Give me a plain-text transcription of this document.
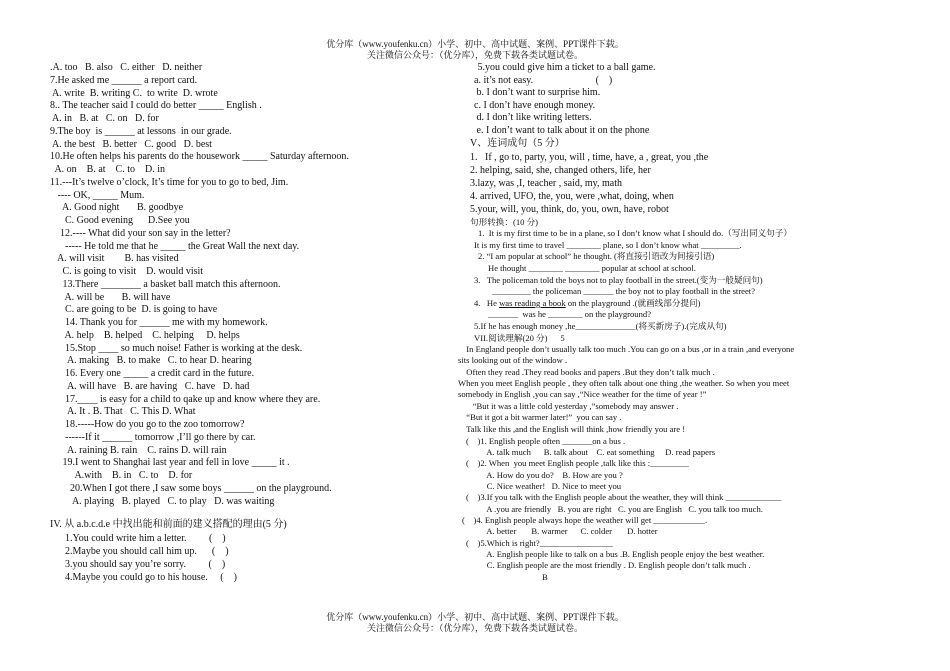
优分库（www.youfenku.cn）小学、初中、高中试题、案例、PPT课件下载。
关注微信公众号：（优分库），免费下载各类试题试卷。
.A. too   B. also   C. either   D. neither
7.He asked me ______ a report card.
A. write  B. writing C.  to write  D. wrote
8.. The teacher said I could do better _____ English .
A. in   B. at   C. on   D. for
9.The boy  is ______ at lessons  in our grade.
A. the best   B. better   C. good   D. best
10.He often helps his parents do the housework _____ Saturday afternoon.
A. on    B. at    C. to    D. in
11.---It’s twelve o’clock, It’s time for you to go to bed, Jim.
---- OK, _____ Mum.
A. Good night       B. goodbye
C. Good evening      D.See you
12.---- What did your son say in the letter?
----- He told me that he _____ the Great Wall the next day.
A. will visit        B. has visited
C. is going to visit    D. would visit
13.There ________ a basket ball match this afternoon.
A. will be       B. will have
C. are going to be  D. is going to have
14. Thank you for ______ me with my homework.
A. help    B. helped    C. helping     D. helps
15.Stop ____ so much noise! Father is working at the desk.
A. making   B. to make   C. to hear D. hearing
16. Every one _____ a credit card in the future.
A. will have   B. are having   C. have   D. had
17.____ is easy for a child to qake up and know where they are.
A. It . B. That   C. This D. What
18.-----How do you go to the zoo tomorrow?
------If it ______ tomorrow ,I’ll go there by car.
A. raining B. rain    C. rains D. will rain
19.I went to Shanghai last year and fell in love _____ it .
A.with    B. in   C. to    D. for
20.When I got there ,I saw some boys ______ on the playground.
A. playing   B. played   C. to play   D. was waiting
IV. 从 a.b.c.d.e 中找出能和前面的建义搭配的理由(5 分)
1.You could write him a letter.         (    )
2.Maybe you should call him up.      (    )
3.you should say you’re sorry.         (    )
4.Maybe you could go to his house.     (    )
5.you could give him a ticket to a ball game.
a. it’s not easy.                         (    )
b. I don’t want to surprise him.
c. I don’t have enough money.
d. I don’t like writing letters.
e. I don’t want to talk about it on the phone
V、连词成句（5 分）
1.   If , go to, party, you, will , time, have, a , great, you ,the
2. helping, said, she, changed others, life, her
3.lazy, was ,I, teacher , said, my, math
4. arrived, UFO, the, you, were ,what, doing, when
5.your, will, you, think, do, you, own, have, robot
句形转换：(10 分)
1.  It is my first time to be in a plane, so I don’t know what I should do.（写出同义句子）
It is my first time to travel ________ plane, so I don’t know what _________.
2. “I am popular at school” he thought. (将直接引语改为间接引语)
He thought ________ ________ popular at school at school.
3.   The policeman told the boys not to play football in the street.(变为一般疑问句)
_________ the policeman _______ the boy not to play football in the street?
4.   He was reading a book on the playground .(就画线部分提问)
_______  was he ________ on the playground?
5.If he has enough money ,he______________(将买新房子).(完成从句)
VII.阅读理解(20 分)      5
In England people don’t usually talk too much .You can go on a bus ,or in a train ,and everyone
sits looking out of the window .
Often they read .They read books and papers .But they don’t talk much .
When you meet English people , they often talk about one thing ,the weather. So when you meet
somebody in English ,you can say ,“Nice weather for the time of year !”
“But it was a little cold yesterday ,”somebody may answer .
“But it got a bit warmer later!”  you can say .
Talk like this ,and the English will think ,how friendly you are !
(    )1. English people often _______on a bus .
A. talk much      B. talk about    C. eat something     D. read papers
(    )2. When  you meet English people ,talk like this :_________
A. How do you do?    B. How are you ?
C. Nice weather!   D. Nice to meet you
(    )3.If you talk with the English people about the weather, they will think _____________
A .you are friendly   B. you are right   C. you are English   C. you talk too much.
(    )4. English people always hope the weather will get ____________.
A. better       B. warmer      C. colder       D. hotter
(    )5.Which is right?_________________
A. English people like to talk on a bus .B. English people enjoy the best weather.
C. English people are the most friendly . D. English people don’t talk much .
B
优分库（www.youfenku.cn）小学、初中、高中试题、案例、PPT课件下载。
关注微信公众号：（优分库），免费下载各类试题试卷。
